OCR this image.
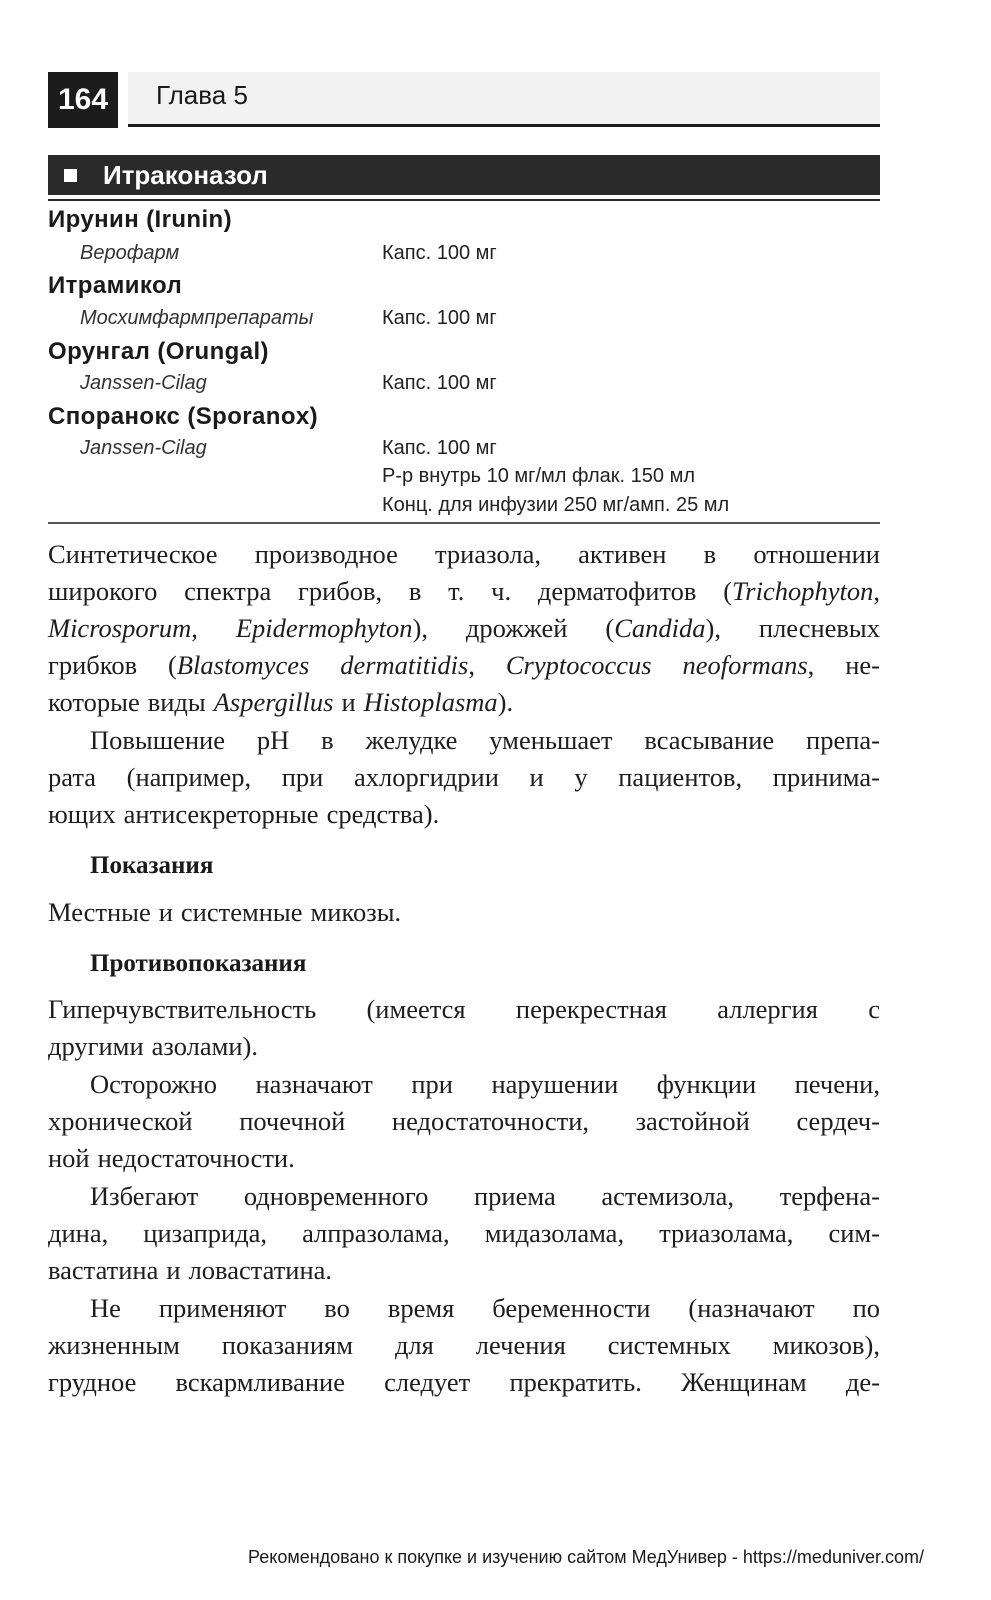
164	Глава 5
Итраконазол
Ирунин (Irunin)
Верофарм	Капс. 100 мг
Итрамикол
Мосхимфармпрепараты	Капс. 100 мг
Орунгал (Orungal)
Janssen-Cilag	Капс. 100 мг
Споранокс (Sporanox)
Janssen-Cilag	Капс. 100 мг
Р-р внутрь 10 мг/мл флак. 150 мл
Конц. для инфузии 250 мг/амп. 25 мл
Синтетическое производное триазола, активен в отношении
широкого спектра грибов, в т. ч. дерматофитов (Trichophyton,
Microsporum, Epidermophyton), дрожжей (Candida), плесневых
грибков (Blastomyces dermatitidis, Cryptococcus neoformans, не-
которые виды Aspergillus и Histoplasma).
Повышение pH в желудке уменьшает всасывание препа-
рата (например, при ахлоргидрии и у пациентов, принима-
ющих антисекреторные средства).
Показания
Местные и системные микозы.
Противопоказания
Гиперчувствительность (имеется перекрестная аллергия с
другими азолами).
Осторожно назначают при нарушении функции печени,
хронической почечной недостаточности, застойной сердеч-
ной недостаточности.
Избегают одновременного приема астемизола, терфена-
дина, цизаприда, алпразолама, мидазолама, триазолама, сим-
вастатина и ловастатина.
Не применяют во время беременности (назначают по
жизненным показаниям для лечения системных микозов),
грудное вскармливание следует прекратить. Женщинам де-
Рекомендовано к покупке и изучению сайтом МедУнивер - https://meduniver.com/
